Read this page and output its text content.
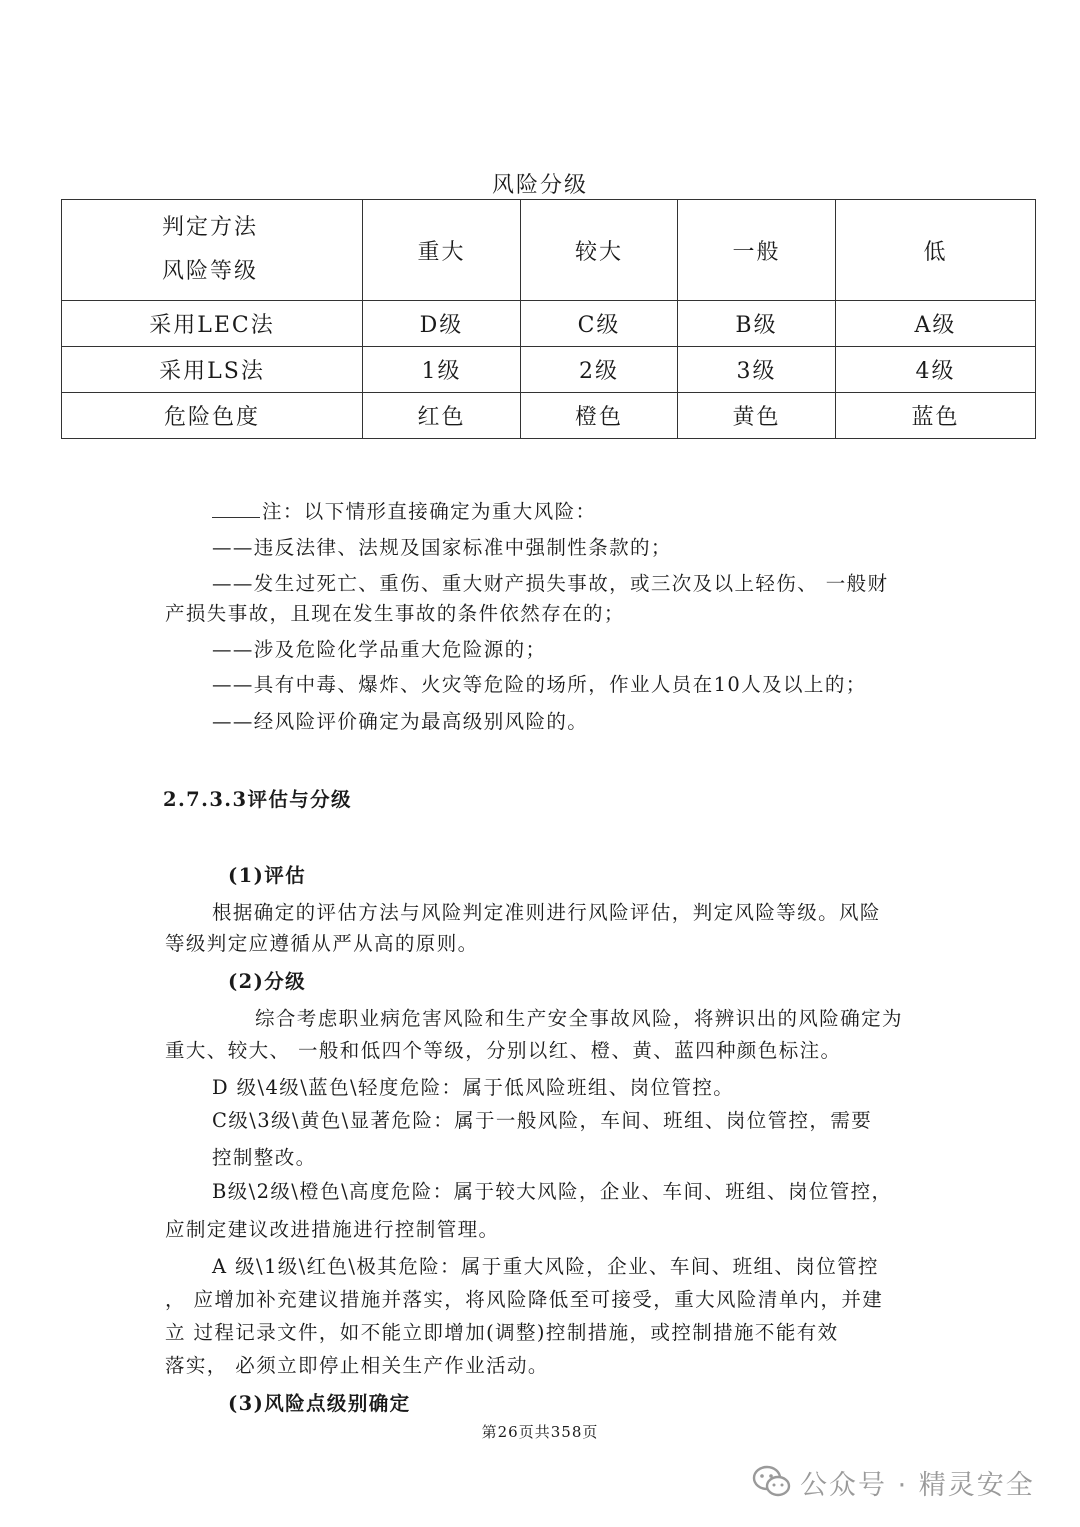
风险分级
判定方法
风险等级	重大	较大	一般	低
采用LEC法	D级	C级	B级	A级
采用LS法	1级	2级	3级	4级
危险色度	红色	橙色	黄色	蓝色
注：以下情形直接确定为重大风险：
——违反法律、法规及国家标准中强制性条款的；
——发生过死亡、重伤、重大财产损失事故，或三次及以上轻伤、 一般财
产损失事故，且现在发生事故的条件依然存在的；
——涉及危险化学品重大危险源的；
——具有中毒、爆炸、火灾等危险的场所，作业人员在10人及以上的；
——经风险评价确定为最高级别风险的。
2.7.3.3评估与分级
(1)评估
根据确定的评估方法与风险判定准则进行风险评估，判定风险等级。风险
等级判定应遵循从严从高的原则。
(2)分级
综合考虑职业病危害风险和生产安全事故风险，将辨识出的风险确定为
重大、较大、 一般和低四个等级，分别以红、橙、黄、蓝四种颜色标注。
D 级\4级\蓝色\轻度危险：属于低风险班组、岗位管控。
C级\3级\黄色\显著危险：属于一般风险，车间、班组、岗位管控，需要
控制整改。
B级\2级\橙色\高度危险：属于较大风险，企业、车间、班组、岗位管控，
应制定建议改进措施进行控制管理。
A 级\1级\红色\极其危险：属于重大风险，企业、车间、班组、岗位管控
， 应增加补充建议措施并落实，将风险降低至可接受，重大风险清单内，并建
立 过程记录文件，如不能立即增加(调整)控制措施，或控制措施不能有效
落实， 必须立即停止相关生产作业活动。
(3)风险点级别确定
第26页共358页
公众号 · 精灵安全
